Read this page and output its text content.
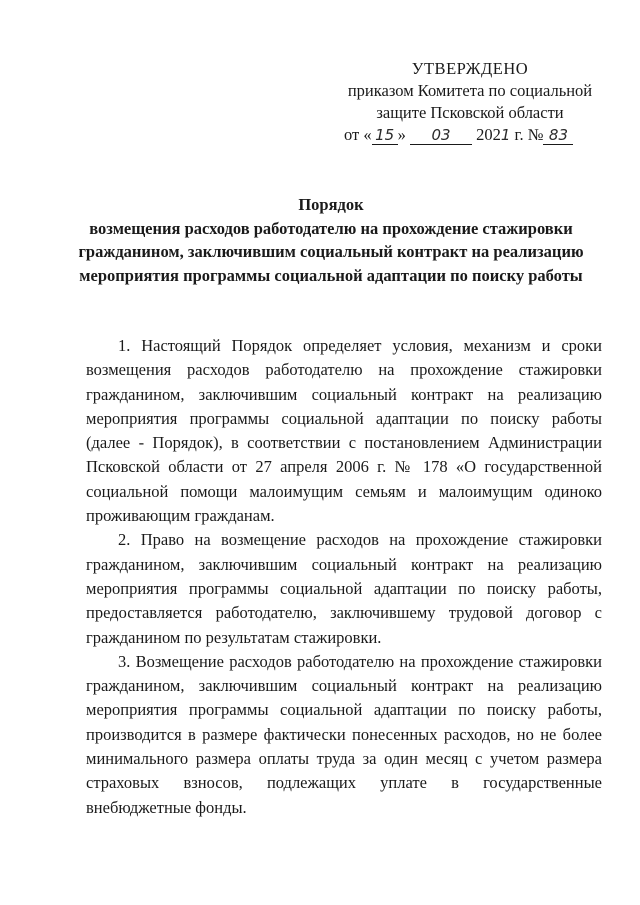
УТВЕРЖДЕНО
приказом Комитета по социальной
защите Псковской области
от « 15 » 03 2021 г. № 83
Порядок
возмещения расходов работодателю на прохождение стажировки
гражданином, заключившим социальный контракт на реализацию
мероприятия программы социальной адаптации по поиску работы

1. Настоящий Порядок определяет условия, механизм и сроки возмещения расходов работодателю на прохождение стажировки гражданином, заключившим социальный контракт на реализацию мероприятия программы социальной адаптации по поиску работы (далее - Порядок), в соответствии с постановлением Администрации Псковской области от 27 апреля 2006 г. № 178 «О государственной социальной помощи малоимущим семьям и малоимущим одиноко проживающим гражданам.

2. Право на возмещение расходов на прохождение стажировки гражданином, заключившим социальный контракт на реализацию мероприятия программы социальной адаптации по поиску работы, предоставляется работодателю, заключившему трудовой договор с гражданином по результатам стажировки.

3. Возмещение расходов работодателю на прохождение стажировки гражданином, заключившим социальный контракт на реализацию мероприятия программы социальной адаптации по поиску работы, производится в размере фактически понесенных расходов, но не более минимального размера оплаты труда за один месяц с учетом размера страховых взносов, подлежащих уплате в государственные внебюджетные фонды.
